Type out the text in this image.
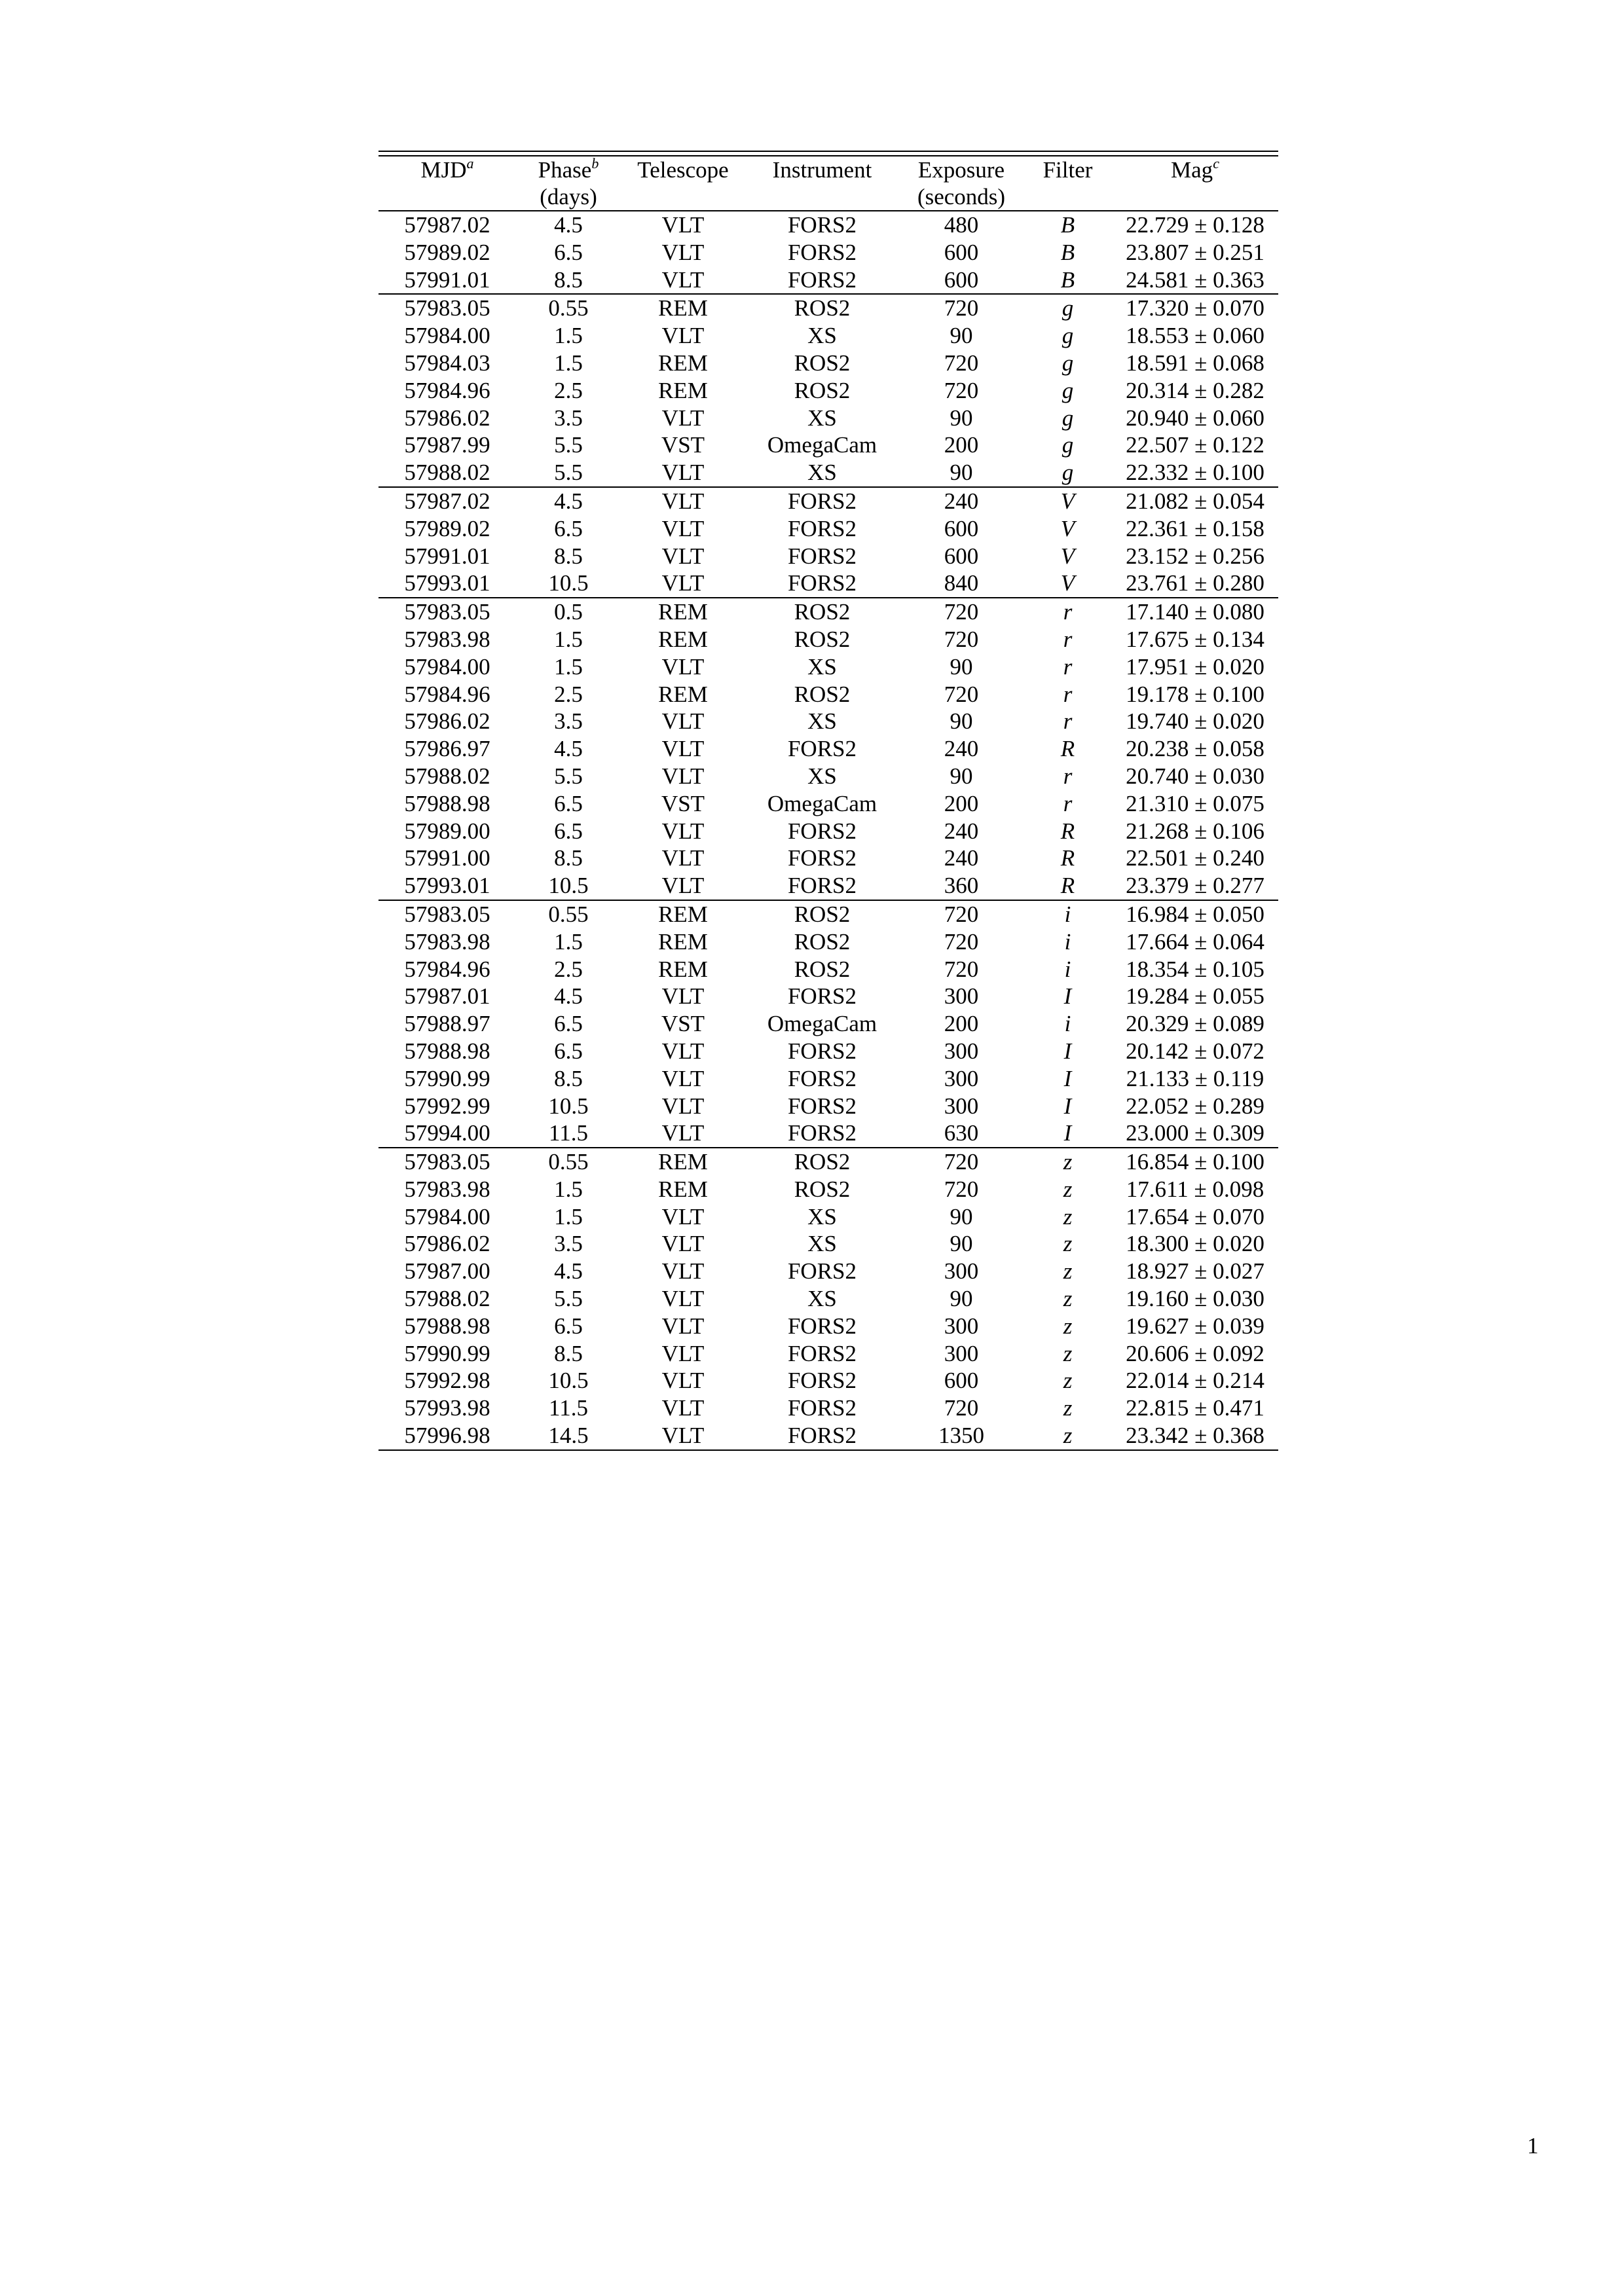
MJD$^a$	Phase$^b$	Telescope	Instrument	Exposure	Filter	Mag$^c$
	(days)			(seconds)		
57987.02	4.5	VLT	FORS2	480	B	22.729 ± 0.128
57989.02	6.5	VLT	FORS2	600	B	23.807 ± 0.251
57991.01	8.5	VLT	FORS2	600	B	24.581 ± 0.363
57983.05	0.55	REM	ROS2	720	g	17.320 ± 0.070
57984.00	1.5	VLT	XS	90	g	18.553 ± 0.060
57984.03	1.5	REM	ROS2	720	g	18.591 ± 0.068
57984.96	2.5	REM	ROS2	720	g	20.314 ± 0.282
57986.02	3.5	VLT	XS	90	g	20.940 ± 0.060
57987.99	5.5	VST	OmegaCam	200	g	22.507 ± 0.122
57988.02	5.5	VLT	XS	90	g	22.332 ± 0.100
57987.02	4.5	VLT	FORS2	240	V	21.082 ± 0.054
57989.02	6.5	VLT	FORS2	600	V	22.361 ± 0.158
57991.01	8.5	VLT	FORS2	600	V	23.152 ± 0.256
57993.01	10.5	VLT	FORS2	840	V	23.761 ± 0.280
57983.05	0.5	REM	ROS2	720	r	17.140 ± 0.080
57983.98	1.5	REM	ROS2	720	r	17.675 ± 0.134
57984.00	1.5	VLT	XS	90	r	17.951 ± 0.020
57984.96	2.5	REM	ROS2	720	r	19.178 ± 0.100
57986.02	3.5	VLT	XS	90	r	19.740 ± 0.020
57986.97	4.5	VLT	FORS2	240	R	20.238 ± 0.058
57988.02	5.5	VLT	XS	90	r	20.740 ± 0.030
57988.98	6.5	VST	OmegaCam	200	r	21.310 ± 0.075
57989.00	6.5	VLT	FORS2	240	R	21.268 ± 0.106
57991.00	8.5	VLT	FORS2	240	R	22.501 ± 0.240
57993.01	10.5	VLT	FORS2	360	R	23.379 ± 0.277
57983.05	0.55	REM	ROS2	720	i	16.984 ± 0.050
57983.98	1.5	REM	ROS2	720	i	17.664 ± 0.064
57984.96	2.5	REM	ROS2	720	i	18.354 ± 0.105
57987.01	4.5	VLT	FORS2	300	I	19.284 ± 0.055
57988.97	6.5	VST	OmegaCam	200	i	20.329 ± 0.089
57988.98	6.5	VLT	FORS2	300	I	20.142 ± 0.072
57990.99	8.5	VLT	FORS2	300	I	21.133 ± 0.119
57992.99	10.5	VLT	FORS2	300	I	22.052 ± 0.289
57994.00	11.5	VLT	FORS2	630	I	23.000 ± 0.309
57983.05	0.55	REM	ROS2	720	z	16.854 ± 0.100
57983.98	1.5	REM	ROS2	720	z	17.611 ± 0.098
57984.00	1.5	VLT	XS	90	z	17.654 ± 0.070
57986.02	3.5	VLT	XS	90	z	18.300 ± 0.020
57987.00	4.5	VLT	FORS2	300	z	18.927 ± 0.027
57988.02	5.5	VLT	XS	90	z	19.160 ± 0.030
57988.98	6.5	VLT	FORS2	300	z	19.627 ± 0.039
57990.99	8.5	VLT	FORS2	300	z	20.606 ± 0.092
57992.98	10.5	VLT	FORS2	600	z	22.014 ± 0.214
57993.98	11.5	VLT	FORS2	720	z	22.815 ± 0.471
57996.98	14.5	VLT	FORS2	1350	z	23.342 ± 0.368
1
